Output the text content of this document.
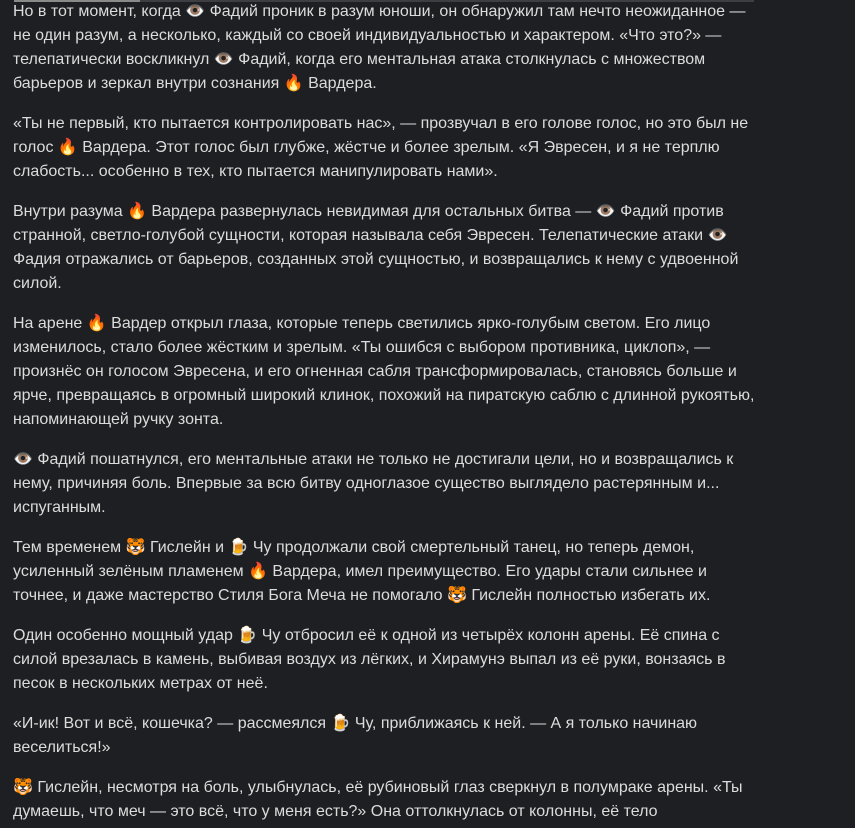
Но в тот момент, когда 👁️ Фадий проник в разум юноши, он обнаружил там нечто неожиданное — не один разум, а несколько, каждый со своей индивидуальностью и характером. «Что это?» — телепатически воскликнул 👁️ Фадий, когда его ментальная атака столкнулась с множеством барьеров и зеркал внутри сознания 🔥 Вардера.

«Ты не первый, кто пытается контролировать нас», — прозвучал в его голове голос, но это был не голос 🔥 Вардера. Этот голос был глубже, жёстче и более зрелым. «Я Эвресен, и я не терплю слабость... особенно в тех, кто пытается манипулировать нами».

Внутри разума 🔥 Вардера развернулась невидимая для остальных битва — 👁️ Фадий против странной, светло-голубой сущности, которая называла себя Эвресен. Телепатические атаки 👁️ Фадия отражались от барьеров, созданных этой сущностью, и возвращались к нему с удвоенной силой.

На арене 🔥 Вардер открыл глаза, которые теперь светились ярко-голубым светом. Его лицо изменилось, стало более жёстким и зрелым. «Ты ошибся с выбором противника, циклоп», — произнёс он голосом Эвресена, и его огненная сабля трансформировалась, становясь больше и ярче, превращаясь в огромный широкий клинок, похожий на пиратскую саблю с длинной рукоятью, напоминающей ручку зонта.

👁️ Фадий пошатнулся, его ментальные атаки не только не достигали цели, но и возвращались к нему, причиняя боль. Впервые за всю битву одноглазое существо выглядело растерянным и... испуганным.

Тем временем 🐯 Гислейн и 🍺 Чу продолжали свой смертельный танец, но теперь демон, усиленный зелёным пламенем 🔥 Вардера, имел преимущество. Его удары стали сильнее и точнее, и даже мастерство Стиля Бога Меча не помогало 🐯 Гислейн полностью избегать их.

Один особенно мощный удар 🍺 Чу отбросил её к одной из четырёх колонн арены. Её спина с силой врезалась в камень, выбивая воздух из лёгких, и Хирамунэ выпал из её руки, вонзаясь в песок в нескольких метрах от неё.

«И-ик! Вот и всё, кошечка? — рассмеялся 🍺 Чу, приближаясь к ней. — А я только начинаю веселиться!»

🐯 Гислейн, несмотря на боль, улыбнулась, её рубиновый глаз сверкнул в полумраке арены. «Ты думаешь, что меч — это всё, что у меня есть?» Она оттолкнулась от колонны, её тело
